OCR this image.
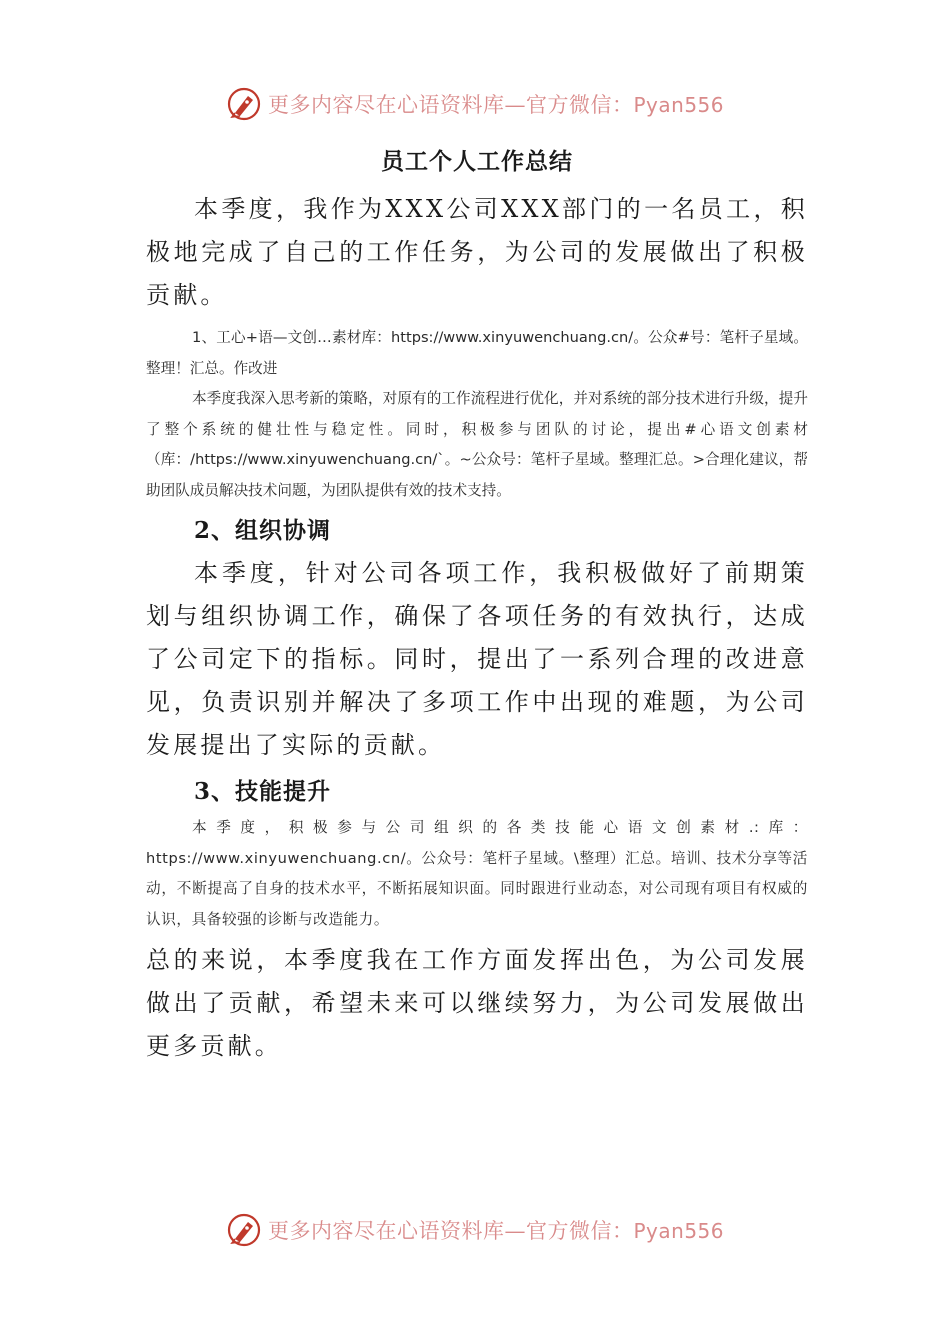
更多内容尽在心语资料库—官方微信：Pyan556
员工个人工作总结

本季度，我作为XXX公司XXX部门的一名员工，积极地完成了自己的工作任务，为公司的发展做出了积极贡献。

1、工心+语—文创…素材库：https://www.xinyuwenchuang.cn/。公众#号：笔杆子星域。整理！汇总。作改进

本季度我深入思考新的策略，对原有的工作流程进行优化，并对系统的部分技术进行升级，提升了整个系统的健壮性与稳定性。同时，积极参与团队的讨论，提出#心语文创素材（库：/https://www.xinyuwenchuang.cn/`。~公众号：笔杆子星域。整理汇总。>合理化建议，帮助团队成员解决技术问题，为团队提供有效的技术支持。

2、组织协调

本季度，针对公司各项工作，我积极做好了前期策划与组织协调工作，确保了各项任务的有效执行，达成了公司定下的指标。同时，提出了一系列合理的改进意见，负责识别并解决了多项工作中出现的难题，为公司发展提出了实际的贡献。

3、技能提升

本季度，积极参与公司组织的各类技能心语文创素材.:库：https://www.xinyuwenchuang.cn/。公众号：笔杆子星域。\整理）汇总。培训、技术分享等活动，不断提高了自身的技术水平，不断拓展知识面。同时跟进行业动态，对公司现有项目有权威的认识，具备较强的诊断与改造能力。

总的来说，本季度我在工作方面发挥出色，为公司发展做出了贡献，希望未来可以继续努力，为公司发展做出更多贡献。

更多内容尽在心语资料库—官方微信：Pyan556
